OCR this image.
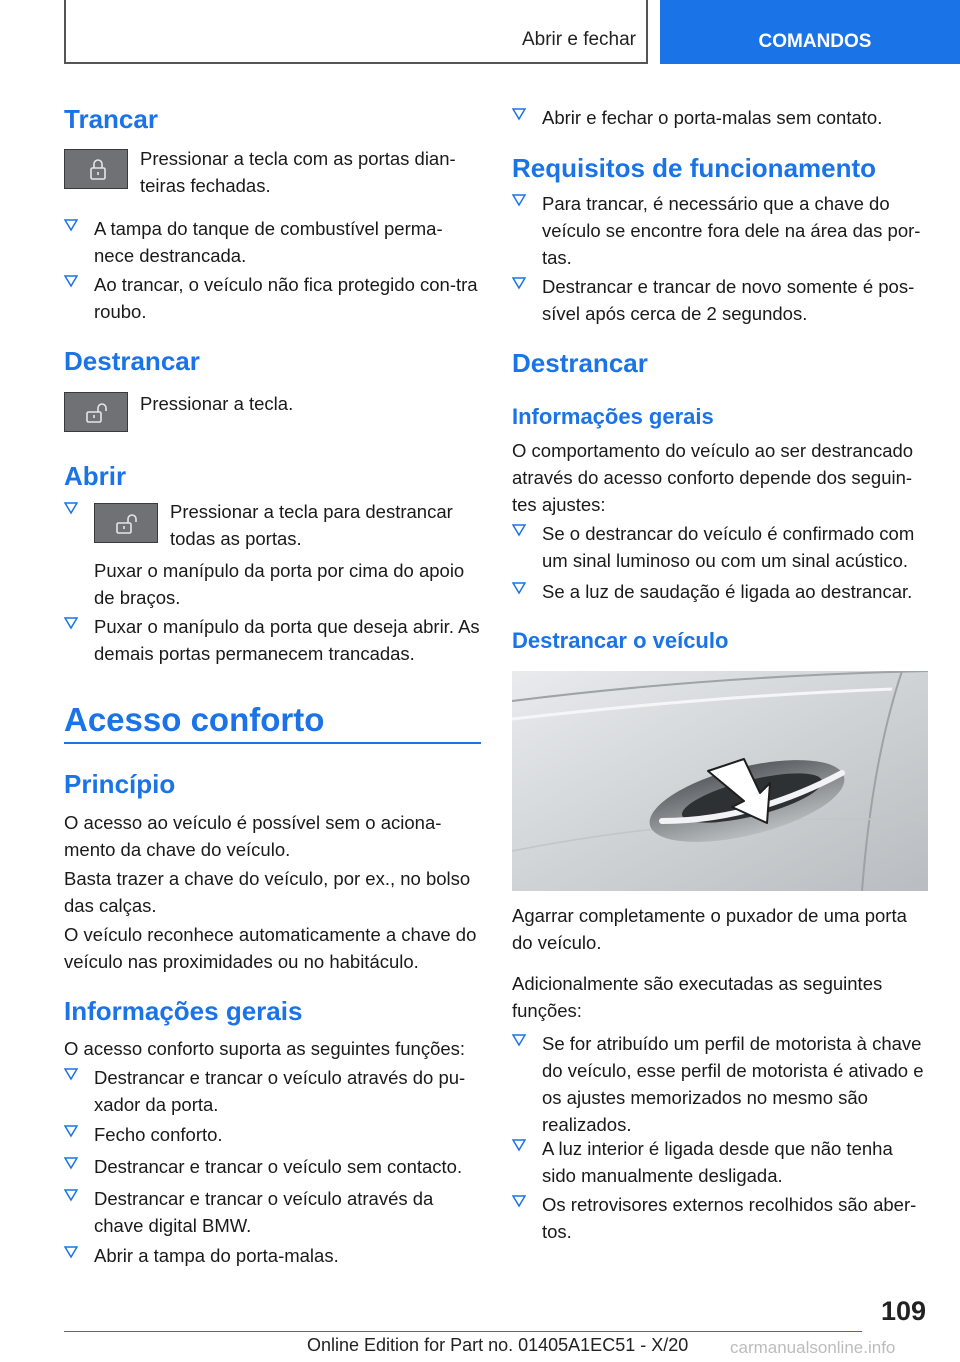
Abrir e fechar	COMANDOS
Trancar
Pressionar a tecla com as portas dian-teiras fechadas.
A tampa do tanque de combustível perma-nece destrancada.
Ao trancar, o veículo não fica protegido con-tra roubo.
Destrancar
Pressionar a tecla.
Abrir
Pressionar a tecla para destrancar todas as portas.
Puxar o manípulo da porta por cima do apoio de braços.
Puxar o manípulo da porta que deseja abrir. As demais portas permanecem trancadas.
Acesso conforto
Princípio
O acesso ao veículo é possível sem o aciona-mento da chave do veículo.
Basta trazer a chave do veículo, por ex., no bolso das calças.
O veículo reconhece automaticamente a chave do veículo nas proximidades ou no habitáculo.
Informações gerais
O acesso conforto suporta as seguintes funções:
Destrancar e trancar o veículo através do pu-xador da porta.
Fecho conforto.
Destrancar e trancar o veículo sem contacto.
Destrancar e trancar o veículo através da chave digital BMW.
Abrir a tampa do porta-malas.
Abrir e fechar o porta-malas sem contato.
Requisitos de funcionamento
Para trancar, é necessário que a chave do veículo se encontre fora dele na área das por-tas.
Destrancar e trancar de novo somente é pos-sível após cerca de 2 segundos.
Destrancar
Informações gerais
O comportamento do veículo ao ser destrancado através do acesso conforto depende dos seguin-tes ajustes:
Se o destrancar do veículo é confirmado com um sinal luminoso ou com um sinal acústico.
Se a luz de saudação é ligada ao destrancar.
Destrancar o veículo
Agarrar completamente o puxador de uma porta do veículo.
Adicionalmente são executadas as seguintes funções:
Se for atribuído um perfil de motorista à chave do veículo, esse perfil de motorista é ativado e os ajustes memorizados no mesmo são realizados.
A luz interior é ligada desde que não tenha sido manualmente desligada.
Os retrovisores externos recolhidos são aber-tos.
109
Online Edition for Part no. 01405A1EC51 - X/20 carmanualsonline.info
